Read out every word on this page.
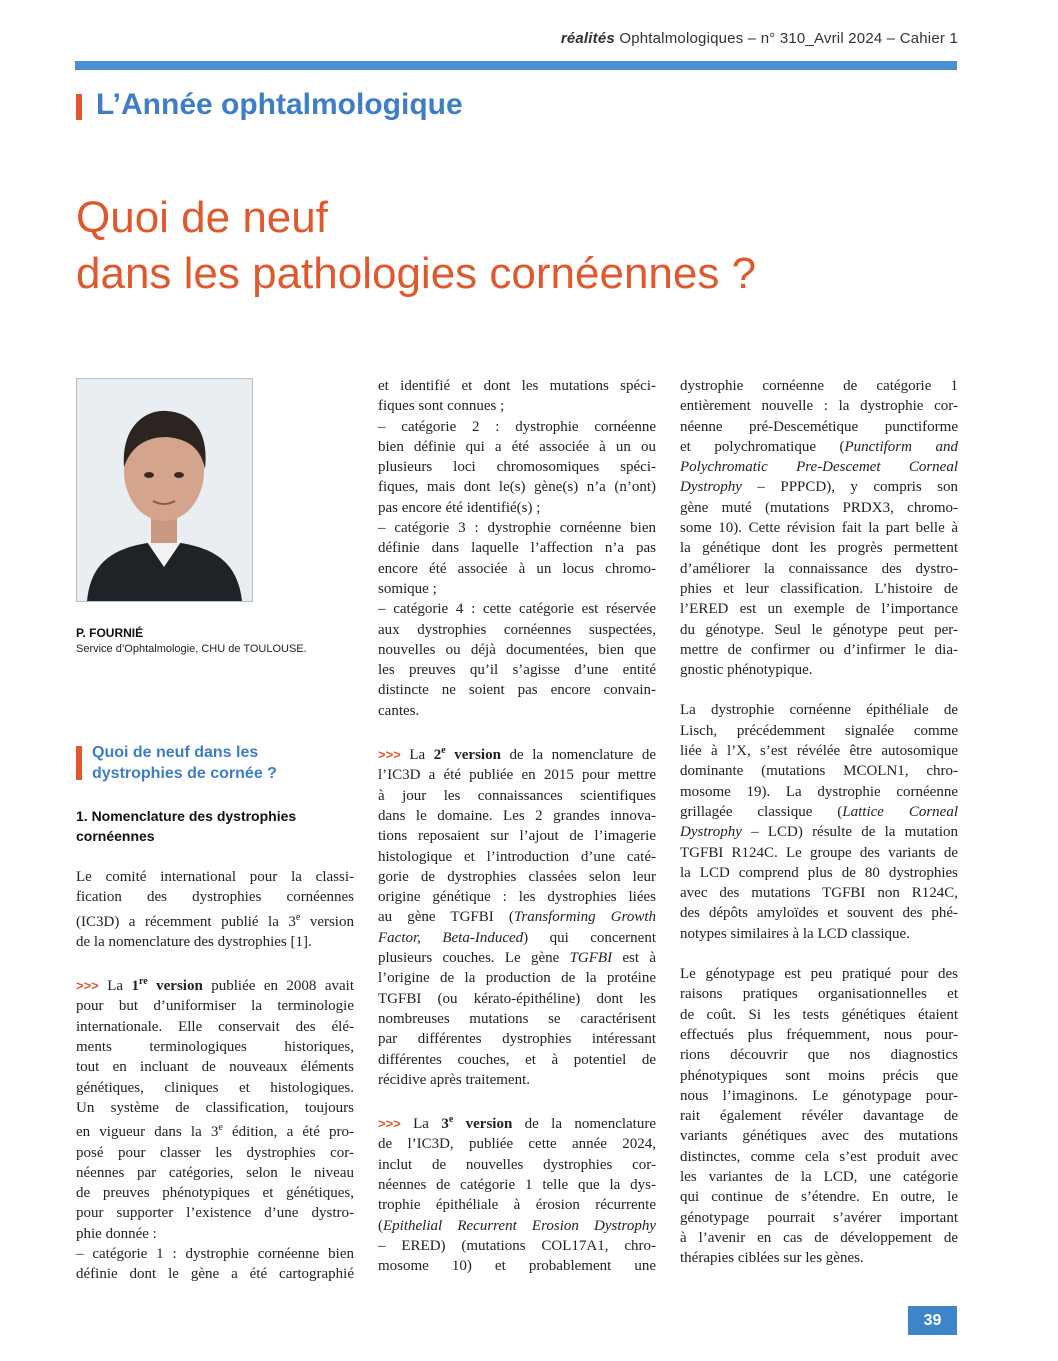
réalités Ophtalmologiques – n° 310_Avril 2024 – Cahier 1
L’Année ophtalmologique
Quoi de neuf
dans les pathologies cornéennes ?
P. FOURNIÉ
Service d’Ophtalmologie, CHU de TOULOUSE.
Quoi de neuf dans les dystrophies de cornée ?
1. Nomenclature des dystrophies cornéennes

Le comité international pour la classi-

fication des dystrophies cornéennes

(IC3D) a récemment publié la 3e version

de la nomenclature des dystrophies [1].

>>> La 1re version publiée en 2008 avait

pour but d’uniformiser la terminologie

internationale. Elle conservait des élé-

ments terminologiques historiques,

tout en incluant de nouveaux éléments

génétiques, cliniques et histologiques.

Un système de classification, toujours

en vigueur dans la 3e édition, a été pro-

posé pour classer les dystrophies cor-

néennes par catégories, selon le niveau

de preuves phénotypiques et génétiques,

pour supporter l’existence d’une dystro-

phie donnée :

– catégorie 1 : dystrophie cornéenne bien

définie dont le gène a été cartographié

et identifié et dont les mutations spéci-

fiques sont connues ;

– catégorie 2 : dystrophie cornéenne

bien définie qui a été associée à un ou

plusieurs loci chromosomiques spéci-

fiques, mais dont le(s) gène(s) n’a (n’ont)

pas encore été identifié(s) ;

– catégorie 3 : dystrophie cornéenne bien

définie dans laquelle l’affection n’a pas

encore été associée à un locus chromo-

somique ;

– catégorie 4 : cette catégorie est réservée

aux dystrophies cornéennes suspectées,

nouvelles ou déjà documentées, bien que

les preuves qu’il s’agisse d’une entité

distincte ne soient pas encore convain-

cantes.

>>> La 2e version de la nomenclature de

l’IC3D a été publiée en 2015 pour mettre

à jour les connaissances scientifiques

dans le domaine. Les 2 grandes innova-

tions reposaient sur l’ajout de l’imagerie

histologique et l’introduction d’une caté-

gorie de dystrophies classées selon leur

origine génétique : les dystrophies liées

au gène TGFBI (Transforming Growth

Factor, Beta-Induced) qui concernent

plusieurs couches. Le gène TGFBI est à

l’origine de la production de la protéine

TGFBI (ou kérato-épithéline) dont les

nombreuses mutations se caractérisent

par différentes dystrophies intéressant

différentes couches, et à potentiel de

récidive après traitement.

>>> La 3e version de la nomenclature

de l’IC3D, publiée cette année 2024,

inclut de nouvelles dystrophies cor-

néennes de catégorie 1 telle que la dys-

trophie épithéliale à érosion récurrente

(Epithelial Recurrent Erosion Dystrophy

– ERED) (mutations COL17A1, chro-

mosome 10) et probablement une

dystrophie cornéenne de catégorie 1

entièrement nouvelle : la dystrophie cor-

néenne pré-Descemétique punctiforme

et polychromatique (Punctiform and

Polychromatic Pre-Descemet Corneal

Dystrophy – PPPCD), y compris son

gène muté (mutations PRDX3, chromo-

some 10). Cette révision fait la part belle à

la génétique dont les progrès permettent

d’améliorer la connaissance des dystro-

phies et leur classification. L’histoire de

l’ERED est un exemple de l’importance

du génotype. Seul le génotype peut per-

mettre de confirmer ou d’infirmer le dia-

gnostic phénotypique.

La dystrophie cornéenne épithéliale de

Lisch, précédemment signalée comme

liée à l’X, s’est révélée être autosomique

dominante (mutations MCOLN1, chro-

mosome 19). La dystrophie cornéenne

grillagée classique (Lattice Corneal

Dystrophy – LCD) résulte de la mutation

TGFBI R124C. Le groupe des variants de

la LCD comprend plus de 80 dystrophies

avec des mutations TGFBI non R124C,

des dépôts amyloïdes et souvent des phé-

notypes similaires à la LCD classique.

Le génotypage est peu pratiqué pour des

raisons pratiques organisationnelles et

de coût. Si les tests génétiques étaient

effectués plus fréquemment, nous pour-

rions découvrir que nos diagnostics

phénotypiques sont moins précis que

nous l’imaginons. Le génotypage pour-

rait également révéler davantage de

variants génétiques avec des mutations

distinctes, comme cela s’est produit avec

les variantes de la LCD, une catégorie

qui continue de s’étendre. En outre, le

génotypage pourrait s’avérer important

à l’avenir en cas de développement de

thérapies ciblées sur les gènes.

39
